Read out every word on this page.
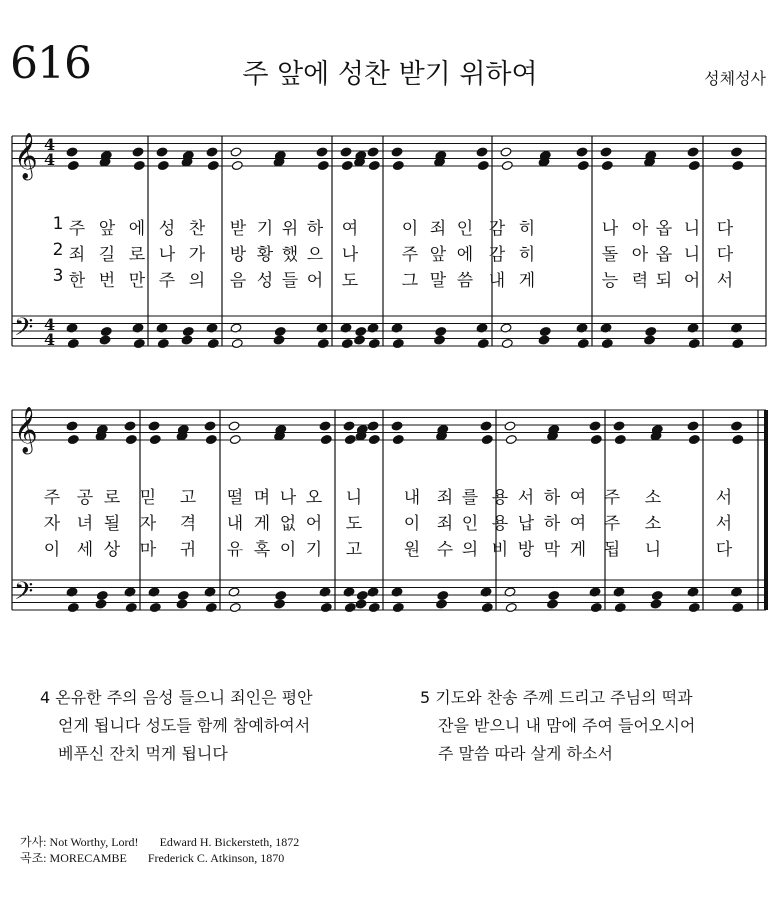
616	주 앞에 성찬 받기 위하여	성체성사
𝄞 4
4
𝄢 4
4
𝄞
𝄢
주 앞 에 성 찬 받 기 위 하 여	이 죄 인 감 히	나 아 옵 니 다
1
죄 길 로 나 가 방 황 했 으 나	주 앞 에 감 히	돌 아 옵 니 다
2
한 번 만 주 의 음 성 들 어 도	그 말 씀 내 게	능 력 되 어 서
3
주 공 로 믿 고 떨 며 나 오 니 내 죄 를 용 서 하 여 주 소	서
자 녀 될 자 격 내 게 없 어 도 이 죄 인 용 납 하 여 주 소	서
이 세 상 마 귀 유 혹 이 기 고 원 수 의 비 방 막 게 됩 니	다
4 온유한 주의 음성 들으니 죄인은 평안
얻게 됩니다 성도들 함께 참예하여서
베푸신 잔치 먹게 됩니다
5 기도와 찬송 주께 드리고 주님의 떡과
잔을 받으니 내 맘에 주여 들어오시어
주 말씀 따라 살게 하소서
가사: Not Worthy, Lord! Edward H. Bickersteth, 1872
곡조: MORECAMBE Frederick C. Atkinson, 1870
